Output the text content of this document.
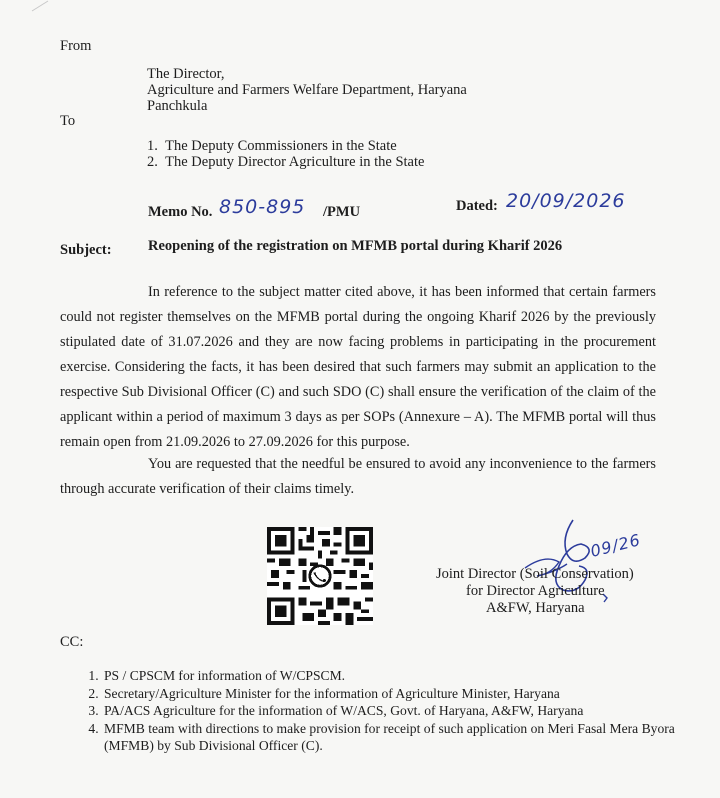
From
The Director,
Agriculture and Farmers Welfare Department, Haryana
Panchkula
To
1.  The Deputy Commissioners in the State
2.  The Deputy Director Agriculture in the State
Memo No. 850-895 /PMU	Dated: 20/09/2026
Subject:	Reopening of the registration on MFMB portal during Kharif 2026
In reference to the subject matter cited above, it has been informed that certain farmers could not register themselves on the MFMB portal during the ongoing Kharif 2026 by the previously stipulated date of 31.07.2026 and they are now facing problems in participating in the procurement exercise. Considering the facts, it has been desired that such farmers may submit an application to the respective Sub Divisional Officer (C) and such SDO (C) shall ensure the verification of the claim of the applicant within a period of maximum 3 days as per SOPs (Annexure – A). The MFMB portal will thus remain open from 21.09.2026 to 27.09.2026 for this purpose.
You are requested that the needful be ensured to avoid any inconvenience to the farmers through accurate verification of their claims timely.
09/26
Joint Director (Soil Conservation)
for Director Agriculture
A&FW, Haryana
CC:
1. PS / CPSCM for information of W/CPSCM.
2. Secretary/Agriculture Minister for the information of Agriculture Minister, Haryana
3. PA/ACS Agriculture for the information of W/ACS, Govt. of Haryana, A&FW, Haryana
4. MFMB team with directions to make provision for receipt of such application on Meri Fasal Mera Byora (MFMB) by Sub Divisional Officer (C).
